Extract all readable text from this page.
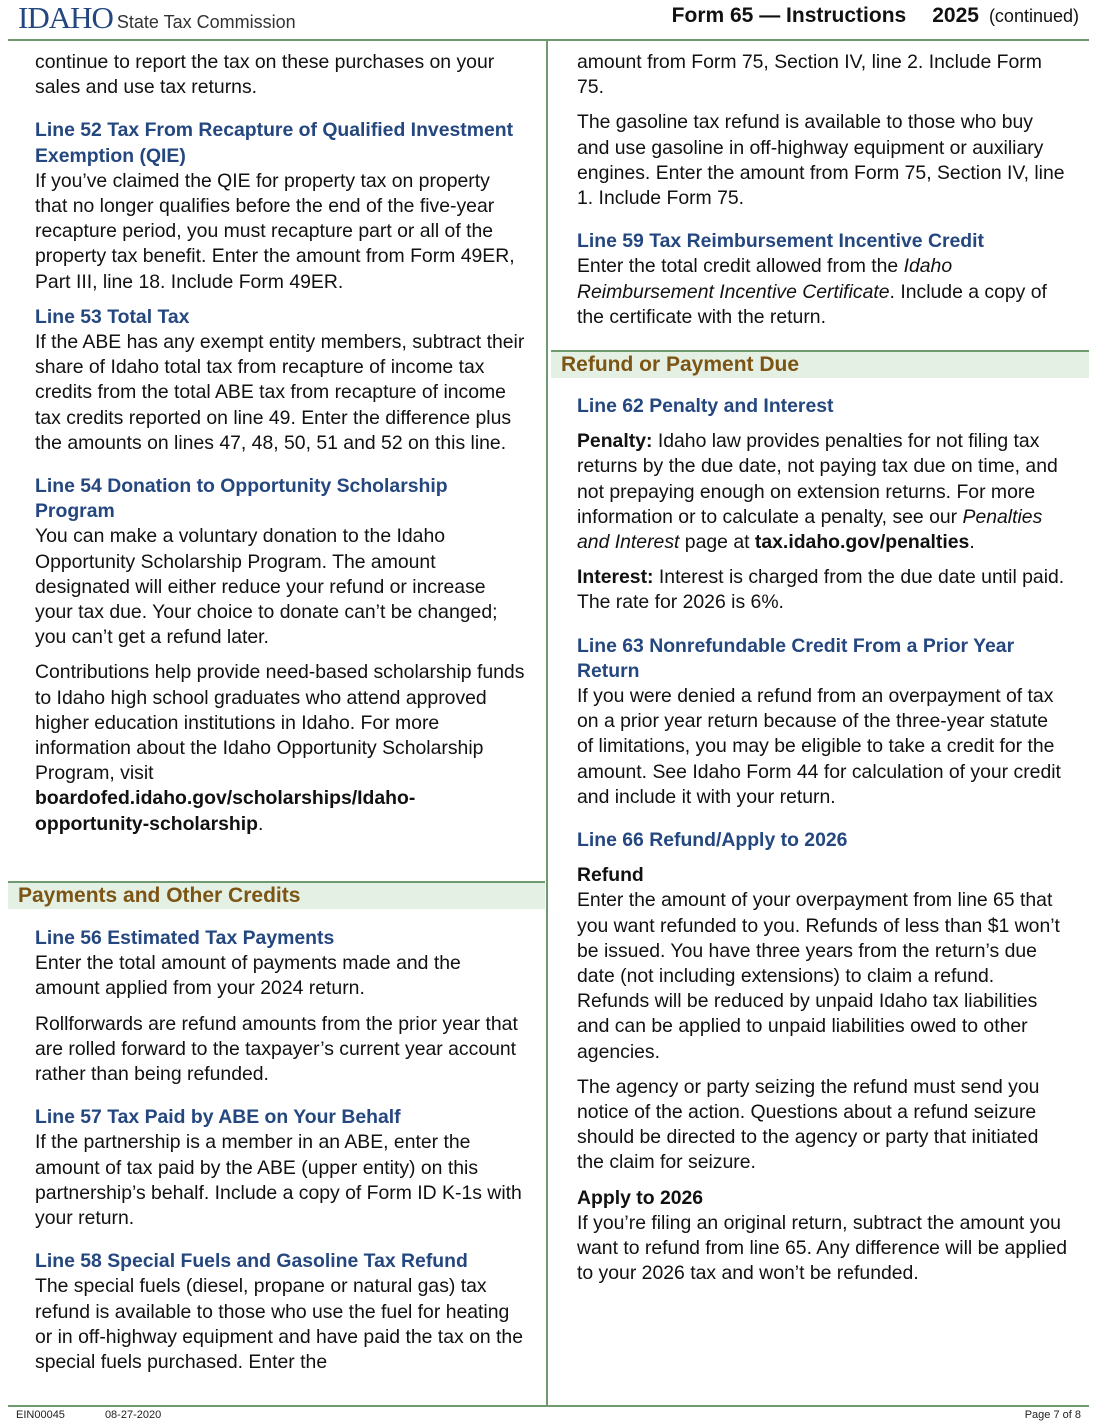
IDAHO State Tax Commission	Form 65 — Instructions 2025 (continued)

continue to report the tax on these purchases on your sales and use tax returns.

Line 52 Tax From Recapture of Qualified Investment Exemption (QIE)
If you’ve claimed the QIE for property tax on property that no longer qualifies before the end of the five-year recapture period, you must recapture part or all of the property tax benefit. Enter the amount from Form 49ER, Part III, line 18. Include Form 49ER.

Line 53 Total Tax
If the ABE has any exempt entity members, subtract their share of Idaho total tax from recapture of income tax credits from the total ABE tax from recapture of income tax credits reported on line 49. Enter the difference plus the amounts on lines 47, 48, 50, 51 and 52 on this line.

Line 54 Donation to Opportunity Scholarship Program
You can make a voluntary donation to the Idaho Opportunity Scholarship Program. The amount designated will either reduce your refund or increase your tax due. Your choice to donate can’t be changed; you can’t get a refund later.

Contributions help provide need-based scholarship funds to Idaho high school graduates who attend approved higher education institutions in Idaho. For more information about the Idaho Opportunity Scholarship Program, visit boardofed.idaho.gov/scholarships/Idaho-opportunity-scholarship.

Payments and Other Credits

Line 56 Estimated Tax Payments
Enter the total amount of payments made and the amount applied from your 2024 return.

Rollforwards are refund amounts from the prior year that are rolled forward to the taxpayer’s current year account rather than being refunded.

Line 57 Tax Paid by ABE on Your Behalf
If the partnership is a member in an ABE, enter the amount of tax paid by the ABE (upper entity) on this partnership’s behalf. Include a copy of Form ID K-1s with your return.

Line 58 Special Fuels and Gasoline Tax Refund
The special fuels (diesel, propane or natural gas) tax refund is available to those who use the fuel for heating or in off-highway equipment and have paid the tax on the special fuels purchased. Enter the

amount from Form 75, Section IV, line 2. Include Form 75.

The gasoline tax refund is available to those who buy and use gasoline in off-highway equipment or auxiliary engines. Enter the amount from Form 75, Section IV, line 1. Include Form 75.

Line 59 Tax Reimbursement Incentive Credit
Enter the total credit allowed from the Idaho Reimbursement Incentive Certificate. Include a copy of the certificate with the return.

Refund or Payment Due

Line 62 Penalty and Interest

Penalty: Idaho law provides penalties for not filing tax returns by the due date, not paying tax due on time, and not prepaying enough on extension returns. For more information or to calculate a penalty, see our Penalties and Interest page at tax.idaho.gov/penalties.

Interest: Interest is charged from the due date until paid. The rate for 2026 is 6%.

Line 63 Nonrefundable Credit From a Prior Year Return
If you were denied a refund from an overpayment of tax on a prior year return because of the three-year statute of limitations, you may be eligible to take a credit for the amount. See Idaho Form 44 for calculation of your credit and include it with your return.

Line 66 Refund/Apply to 2026

Refund
Enter the amount of your overpayment from line 65 that you want refunded to you. Refunds of less than $1 won’t be issued. You have three years from the return’s due date (not including extensions) to claim a refund. Refunds will be reduced by unpaid Idaho tax liabilities and can be applied to unpaid liabilities owed to other agencies.

The agency or party seizing the refund must send you notice of the action. Questions about a refund seizure should be directed to the agency or party that initiated the claim for seizure.

Apply to 2026
If you’re filing an original return, subtract the amount you want to refund from line 65. Any difference will be applied to your 2026 tax and won’t be refunded.

EIN00045	08-27-2020	Page 7 of 8
